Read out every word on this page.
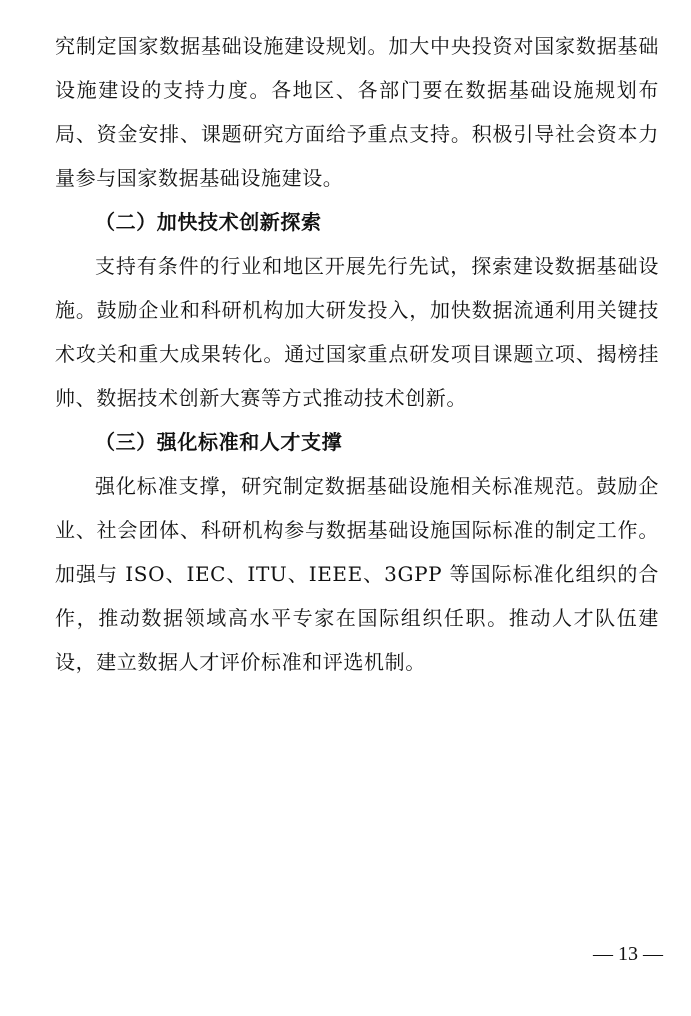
究制定国家数据基础设施建设规划。加大中央投资对国家数据基础设施建设的支持力度。各地区、各部门要在数据基础设施规划布局、资金安排、课题研究方面给予重点支持。积极引导社会资本力量参与国家数据基础设施建设。

（二）加快技术创新探索

支持有条件的行业和地区开展先行先试，探索建设数据基础设施。鼓励企业和科研机构加大研发投入，加快数据流通利用关键技术攻关和重大成果转化。通过国家重点研发项目课题立项、揭榜挂帅、数据技术创新大赛等方式推动技术创新。

（三）强化标准和人才支撑

强化标准支撑，研究制定数据基础设施相关标准规范。鼓励企业、社会团体、科研机构参与数据基础设施国际标准的制定工作。加强与 ISO、IEC、ITU、IEEE、3GPP 等国际标准化组织的合作，推动数据领域高水平专家在国际组织任职。推动人才队伍建设，建立数据人才评价标准和评选机制。

— 13 —
